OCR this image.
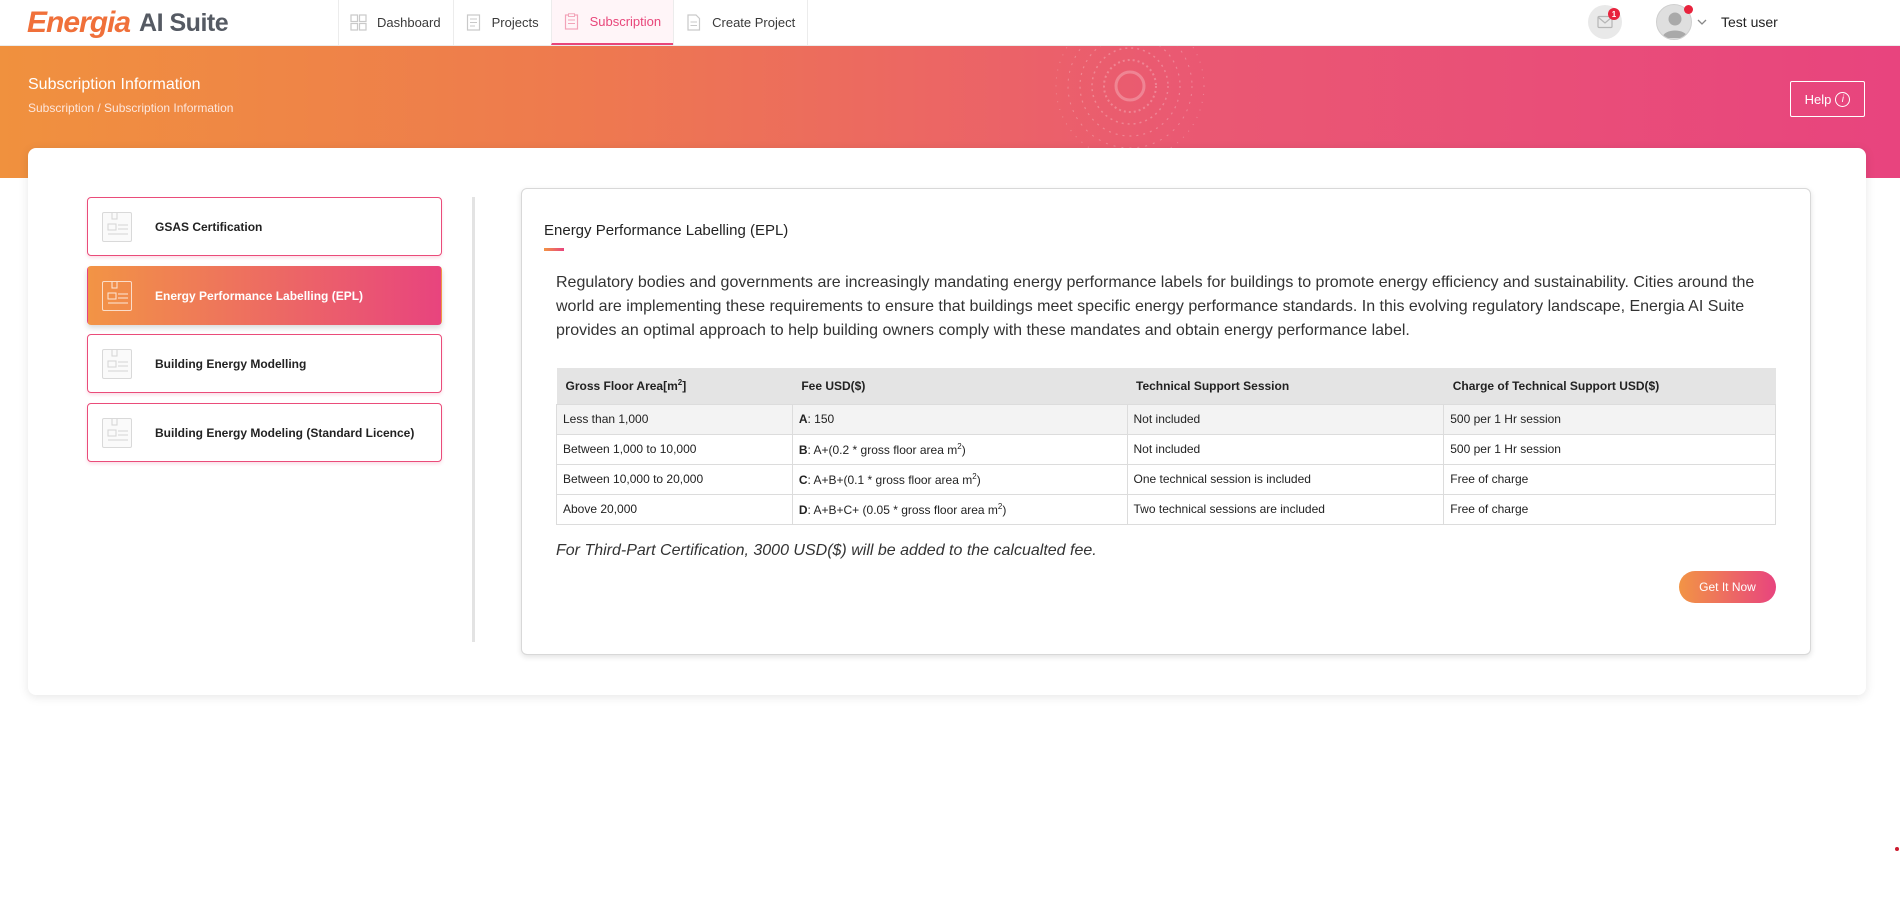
Energia AI Suite	Dashboard	Projects	Subscription	Create Project
1	Test user
Subscription Information
Subscription / Subscription Information
Help	i
GSAS Certification
Energy Performance Labelling (EPL)
Building Energy Modelling
Building Energy Modeling (Standard Licence)
Energy Performance Labelling (EPL)

Regulatory bodies and governments are increasingly mandating energy performance labels for buildings to promote energy efficiency and sustainability. Cities around the world are implementing these requirements to ensure that buildings meet specific energy performance standards. In this evolving regulatory landscape, Energia AI Suite provides an optimal approach to help building owners comply with these mandates and obtain energy performance label.

Gross Floor $Area[m^2]$	Fee USD($)	Technical Support Session	Charge of Technical Support USD($)
Less than 1,000	A: 150	Not included	500 per 1 Hr session
Between 1,000 to 10,000	B: A+(0.2 * gross floor area $m^2$)	Not included	500 per 1 Hr session
Between 10,000 to 20,000	C: A+B+(0.1 * gross floor area $m^2$)	One technical session is included	Free of charge
Above 20,000	D: A+B+C+ (0.05 * gross floor area $m^2$)	Two technical sessions are included	Free of charge
For Third-Part Certification, 3000 USD($) will be added to the calcualted fee.
Get It Now
